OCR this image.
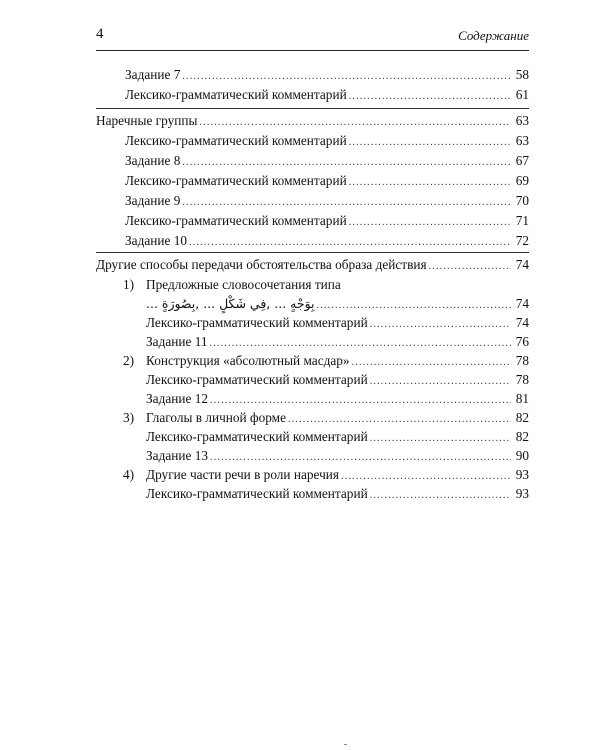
4	Содержание
Задание 7 .....	58
Лексико-грамматический комментарий .....	61
Наречные группы .....	63
Лексико-грамматический комментарий .....	63
Задание 8 .....	67
Лексико-грамматический комментарий .....	69
Задание 9 .....	70
Лексико-грамматический комментарий .....	71
Задание 10 .....	72
Другие способы передачи обстоятельства образа действия .....	74
1) Предложные словосочетания типа
بِوَجْهٍ ... ,فِي شَكْلٍ ... ,بِصُورَةٍ ... .....	74
Лексико-грамматический комментарий .....	74
Задание 11 .....	76
2) Конструкция «абсолютный масдар» .....	78
Лексико-грамматический комментарий .....	78
Задание 12 .....	81
3) Глаголы в личной форме .....	82
Лексико-грамматический комментарий .....	82
Задание 13 .....	90
4) Другие части речи в роли наречия .....	93
Лексико-грамматический комментарий .....	93
